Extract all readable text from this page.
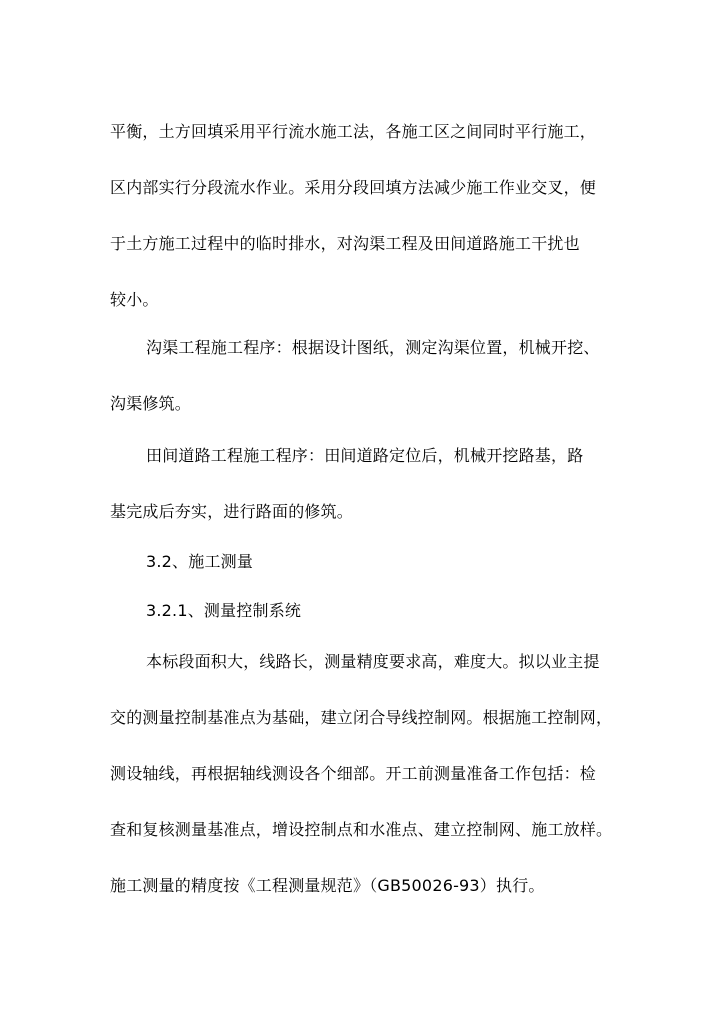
平衡，土方回填采用平行流水施工法，各施工区之间同时平行施工，

区内部实行分段流水作业。采用分段回填方法减少施工作业交叉，便

于土方施工过程中的临时排水，对沟渠工程及田间道路施工干扰也

较小。

沟渠工程施工程序：根据设计图纸，测定沟渠位置，机械开挖、

沟渠修筑。

田间道路工程施工程序：田间道路定位后，机械开挖路基，路

基完成后夯实，进行路面的修筑。

3.2、施工测量

3.2.1、测量控制系统

本标段面积大，线路长，测量精度要求高，难度大。拟以业主提

交的测量控制基准点为基础，建立闭合导线控制网。根据施工控制网，

测设轴线，再根据轴线测设各个细部。开工前测量准备工作包括：检

查和复核测量基准点，增设控制点和水准点、建立控制网、施工放样。

施工测量的精度按《工程测量规范》（GB50026-93）执行。
